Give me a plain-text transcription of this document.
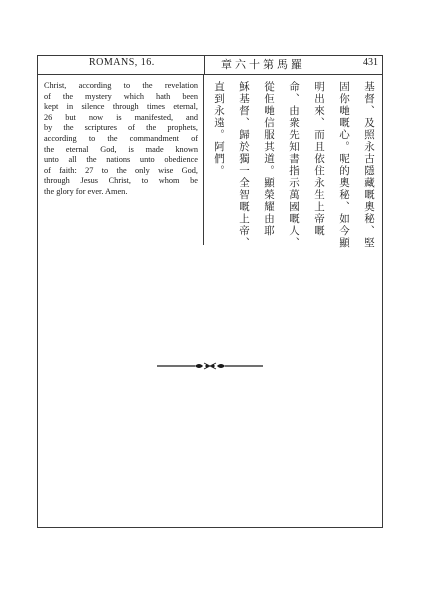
ROMANS, 16.	章六十第馬羅	431
Christ, according to the revelation
of the mystery which hath been
kept in silence through times eternal,
26 but now is manifested, and
by the scriptures of the prophets,
according to the commandment of
the eternal God, is made known
unto all the nations unto obedience
of faith: 27 to the only wise God,
through Jesus Christ, to whom be
the glory for ever. Amen.	基督、及照永古隱藏嘅奧秘、堅
固你哋嘅心。呢的奧秘、如今顯
明出來、而且依住永生上帝嘅
命、由衆先知書指示萬國嘅人、
從佢哋信服其道。顯榮耀由耶
穌基督、歸於獨一全智嘅上帝、
直到永遠。阿們。
